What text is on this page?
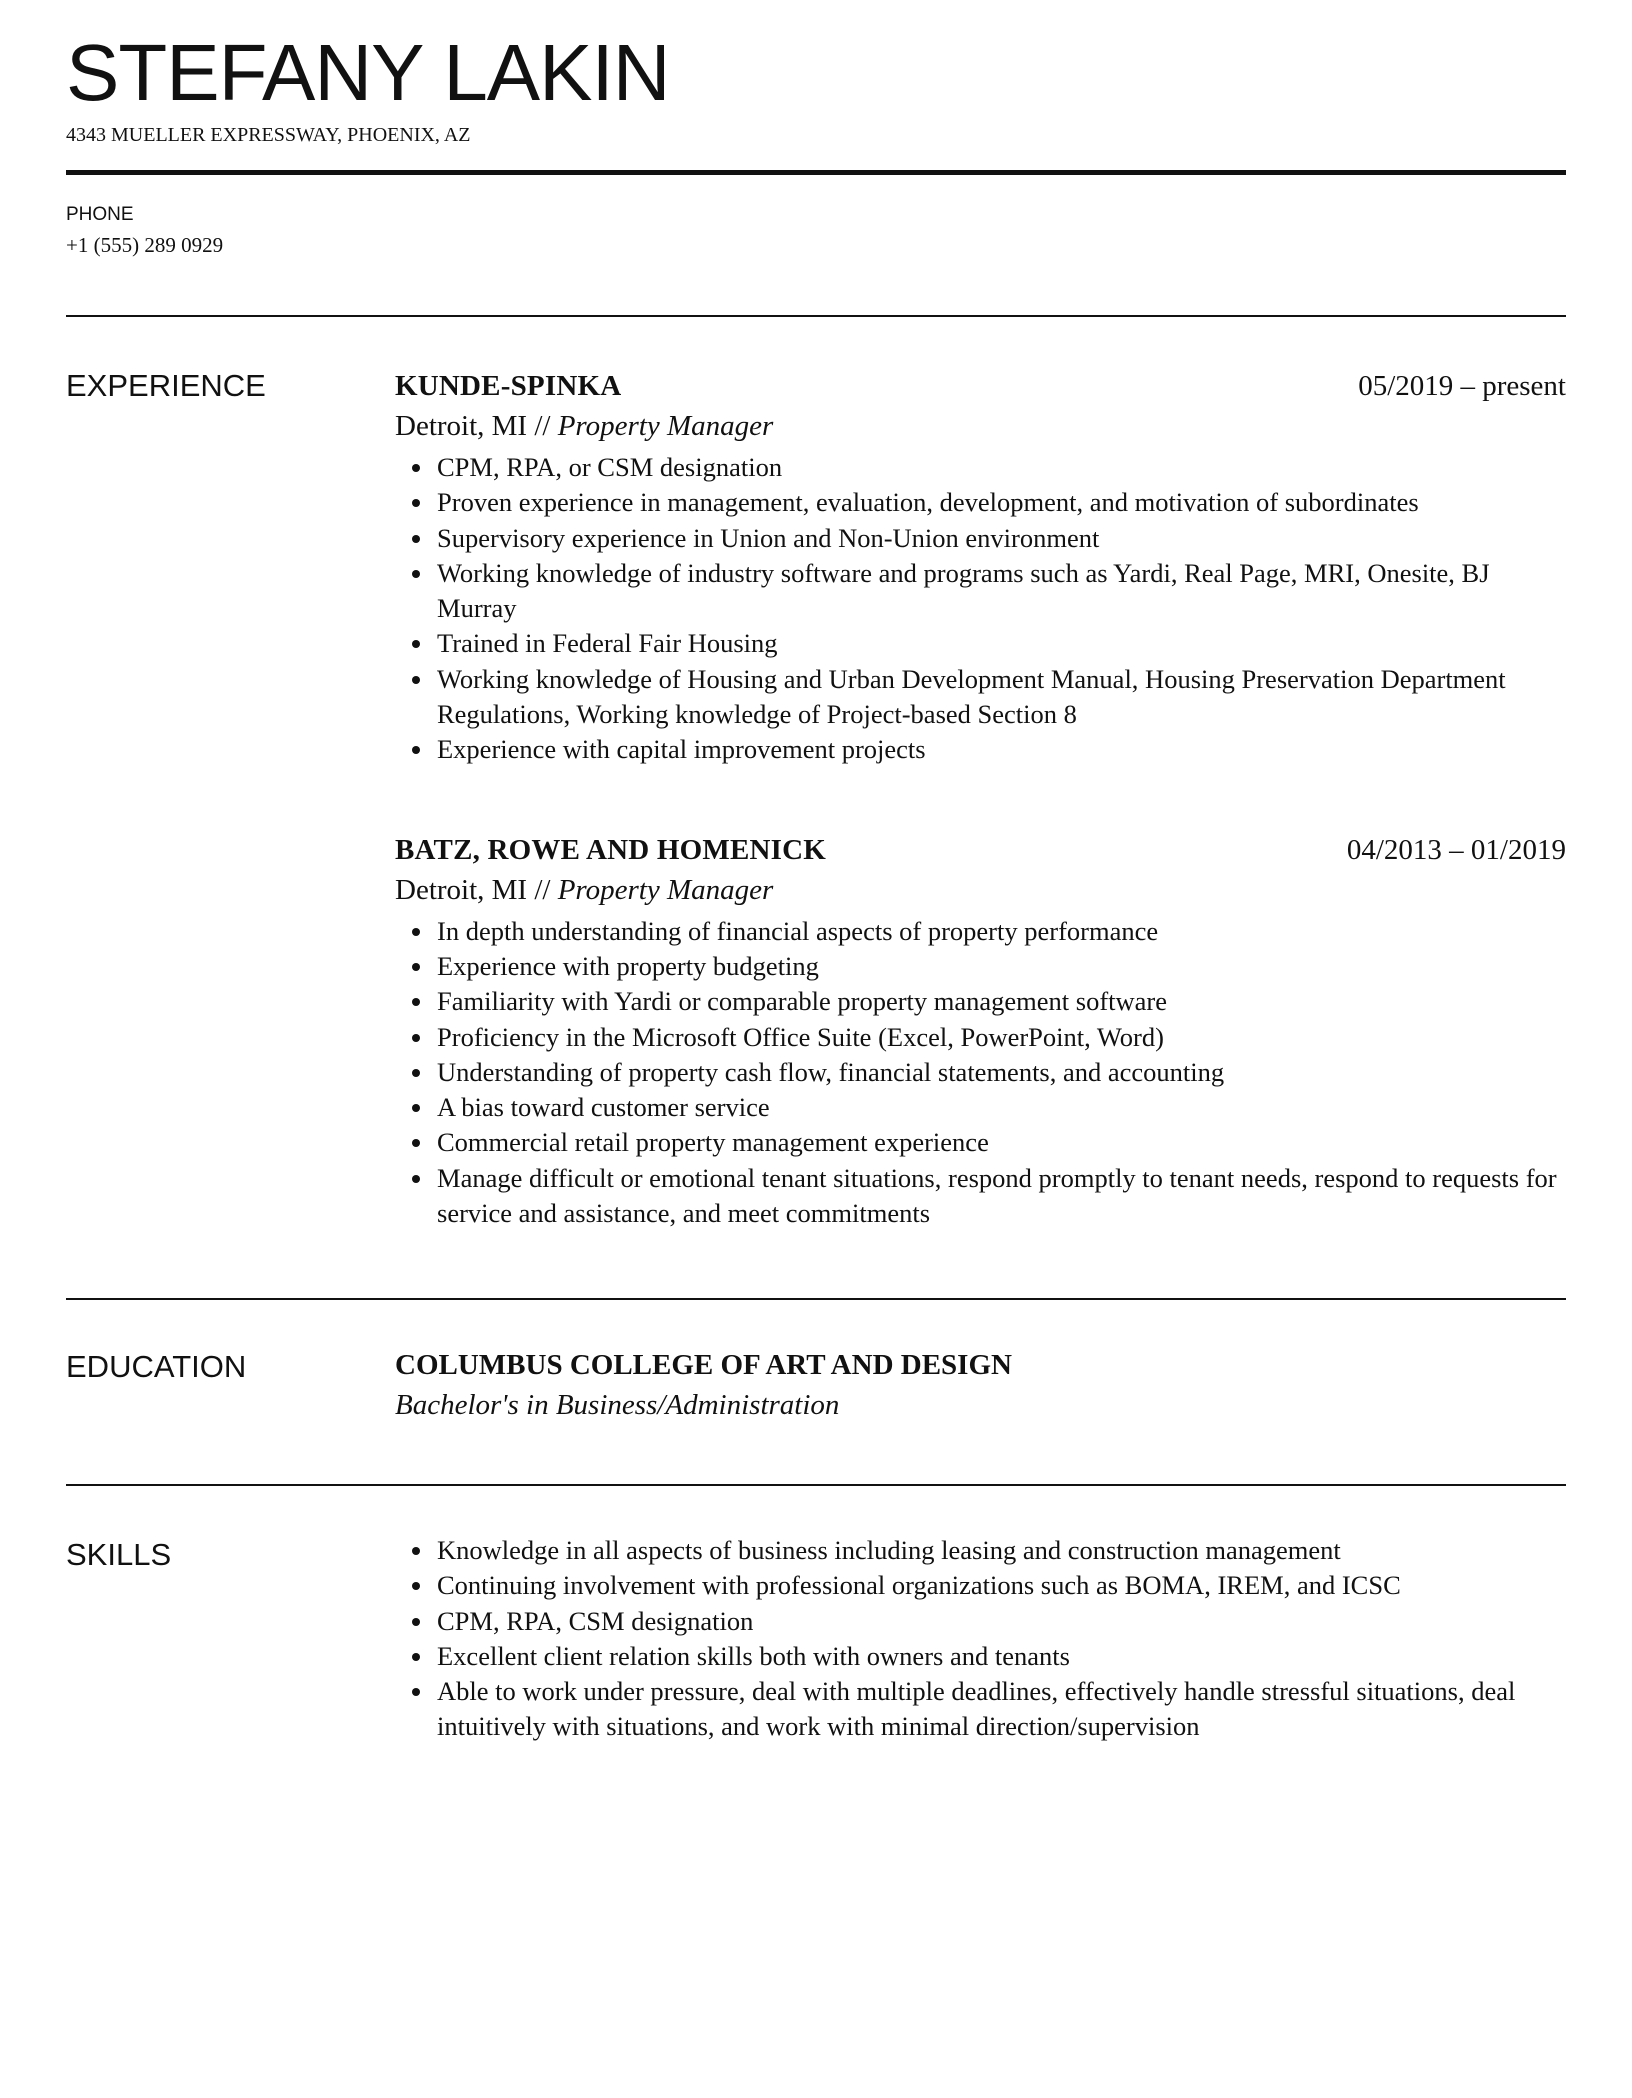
STEFANY LAKIN
4343 MUELLER EXPRESSWAY, PHOENIX, AZ
PHONE
+1 (555) 289 0929
EXPERIENCE	KUNDE-SPINKA	05/2019 – present
Detroit, MI // Property Manager
CPM, RPA, or CSM designation
Proven experience in management, evaluation, development, and motivation of subordinates
Supervisory experience in Union and Non-Union environment
Working knowledge of industry software and programs such as Yardi, Real Page, MRI, Onesite, BJ Murray
Trained in Federal Fair Housing
Working knowledge of Housing and Urban Development Manual, Housing Preservation Department Regulations, Working knowledge of Project-based Section 8
Experience with capital improvement projects
BATZ, ROWE AND HOMENICK	04/2013 – 01/2019
Detroit, MI // Property Manager
In depth understanding of financial aspects of property performance
Experience with property budgeting
Familiarity with Yardi or comparable property management software
Proficiency in the Microsoft Office Suite (Excel, PowerPoint, Word)
Understanding of property cash flow, financial statements, and accounting
A bias toward customer service
Commercial retail property management experience
Manage difficult or emotional tenant situations, respond promptly to tenant needs, respond to requests for service and assistance, and meet commitments
EDUCATION	COLUMBUS COLLEGE OF ART AND DESIGN
Bachelor's in Business/Administration
SKILLS	Knowledge in all aspects of business including leasing and construction management
Continuing involvement with professional organizations such as BOMA, IREM, and ICSC
CPM, RPA, CSM designation
Excellent client relation skills both with owners and tenants
Able to work under pressure, deal with multiple deadlines, effectively handle stressful situations, deal intuitively with situations, and work with minimal direction/supervision
